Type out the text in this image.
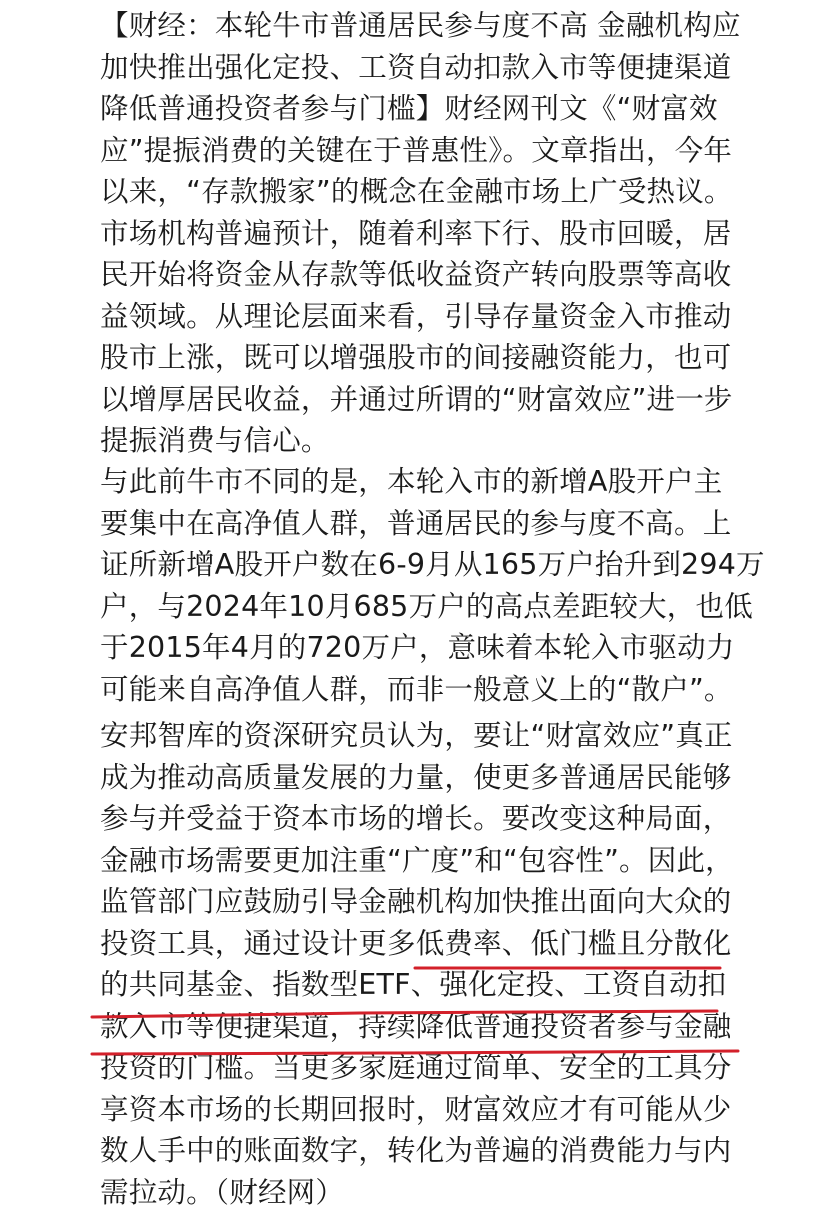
【财经：本轮牛市普通居民参与度不高 金融机构应
加快推出强化定投、工资自动扣款入市等便捷渠道
降低普通投资者参与门槛】财经网刊文《“财富效
应”提振消费的关键在于普惠性》。文章指出，今年
以来，“存款搬家”的概念在金融市场上广受热议。
市场机构普遍预计，随着利率下行、股市回暖，居
民开始将资金从存款等低收益资产转向股票等高收
益领域。从理论层面来看，引导存量资金入市推动
股市上涨，既可以增强股市的间接融资能力，也可
以增厚居民收益，并通过所谓的“财富效应”进一步
提振消费与信心。
与此前牛市不同的是，本轮入市的新增A股开户主
要集中在高净值人群，普通居民的参与度不高。上
证所新增A股开户数在6-9月从165万户抬升到294万
户，与2024年10月685万户的高点差距较大，也低
于2015年4月的720万户，意味着本轮入市驱动力
可能来自高净值人群，而非一般意义上的“散户”。
安邦智库的资深研究员认为，要让“财富效应”真正
成为推动高质量发展的力量，使更多普通居民能够
参与并受益于资本市场的增长。要改变这种局面，
金融市场需要更加注重“广度”和“包容性”。因此，
监管部门应鼓励引导金融机构加快推出面向大众的
投资工具，通过设计更多低费率、低门槛且分散化
的共同基金、指数型ETF、强化定投、工资自动扣
款入市等便捷渠道，持续降低普通投资者参与金融
投资的门槛。当更多家庭通过简单、安全的工具分
享资本市场的长期回报时，财富效应才有可能从少
数人手中的账面数字，转化为普遍的消费能力与内
需拉动。（财经网）
